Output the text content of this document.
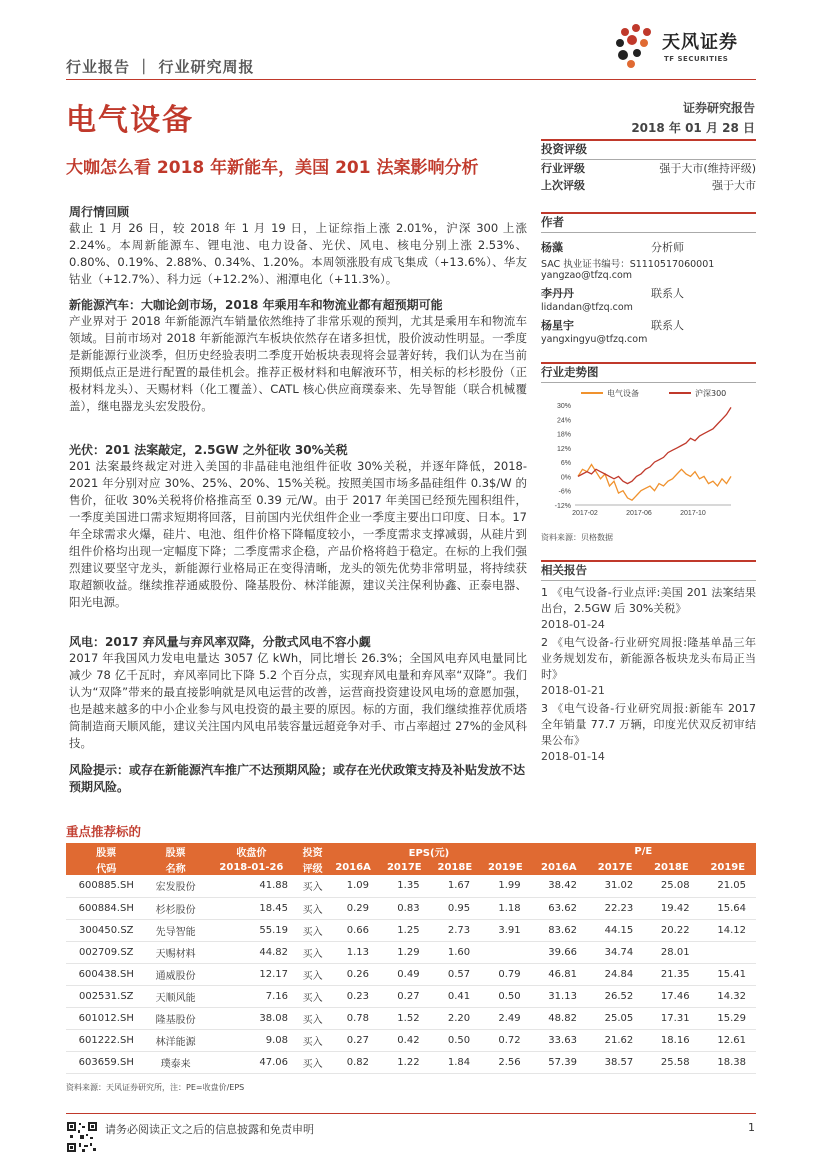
行业报告 ｜ 行业研究周报
天风证券
TF SECURITIES
电气设备	证券研究报告
2018 年 01 月 28 日
大咖怎么看 2018 年新能车，美国 201 法案影响分析
周行情回顾
截止 1 月 26 日，较 2018 年 1 月 19 日，上证综指上涨 2.01%，沪深 300 上涨 2.24%。本周新能源车、锂电池、电力设备、光伏、风电、核电分别上涨 2.53%、0.80%、0.19%、2.88%、0.34%、1.20%。本周领涨股有成飞集成（+13.6%）、华友钴业（+12.7%）、科力远（+12.2%）、湘潭电化（+11.3%）。
新能源汽车：大咖论剑市场，2018 年乘用车和物流业都有超预期可能
产业界对于 2018 年新能源汽车销量依然维持了非常乐观的预判，尤其是乘用车和物流车领域。目前市场对 2018 年新能源汽车板块依然存在诸多担忧，股价波动性明显。一季度是新能源行业淡季，但历史经验表明二季度开始板块表现将会显著好转，我们认为在当前预期低点正是进行配置的最佳机会。推荐正极材料和电解液环节，相关标的杉杉股份（正极材料龙头）、天赐材料（化工覆盖）、CATL 核心供应商璞泰来、先导智能（联合机械覆盖），继电器龙头宏发股份。
光伏：201 法案敲定，2.5GW 之外征收 30%关税
201 法案最终裁定对进入美国的非晶硅电池组件征收 30%关税，并逐年降低，2018-2021 年分别对应 30%、25%、20%、15%关税。按照美国市场多晶硅组件 0.3$/W 的售价，征收 30%关税将价格推高至 0.39 元/W。由于 2017 年美国已经预先囤积组件，一季度美国进口需求短期将回落，目前国内光伏组件企业一季度主要出口印度、日本。17 年全球需求火爆，硅片、电池、组件价格下降幅度较小，一季度需求支撑减弱，从硅片到组件价格均出现一定幅度下降；二季度需求企稳，产品价格将趋于稳定。在标的上我们强烈建议要坚守龙头，新能源行业格局正在变得清晰，龙头的领先优势非常明显，将持续获取超额收益。继续推荐通威股份、隆基股份、林洋能源，建议关注保利协鑫、正泰电器、阳光电源。
风电：2017 弃风量与弃风率双降，分散式风电不容小觑
2017 年我国风力发电电量达 3057 亿 kWh，同比增长 26.3%；全国风电弃风电量同比减少 78 亿千瓦时，弃风率同比下降 5.2 个百分点，实现弃风电量和弃风率“双降”。我们认为“双降”带来的最直接影响就是风电运营的改善，运营商投资建设风电场的意愿加强，也是越来越多的中小企业参与风电投资的最主要的原因。标的方面，我们继续推荐优质塔筒制造商天顺风能，建议关注国内风电吊装容量远超竞争对手、市占率超过 27%的金风科技。
风险提示：或存在新能源汽车推广不达预期风险；或存在光伏政策支持及补贴发放不达预期风险。
投资评级
行业评级	强于大市(维持评级)
上次评级	强于大市
作者
杨藻	分析师
SAC 执业证书编号：S1110517060001
yangzao@tfzq.com
李丹丹	联系人
lidandan@tfzq.com
杨星宇	联系人
yangxingyu@tfzq.com
行业走势图
30%
24%
18%
12%
6%
0%
-6%
-12%
2017-02	2017-06	2017-10
电气设备	沪深300
资料来源：贝格数据
相关报告
1 《电气设备-行业点评:美国 201 法案结果出台，2.5GW 后 30%关税》
2018-01-24
2 《电气设备-行业研究周报:隆基单晶三年业务规划发布，新能源各板块龙头布局正当时》
2018-01-21
3 《电气设备-行业研究周报:新能车 2017 全年销量 77.7 万辆，印度光伏双反初审结果公布》
2018-01-14
重点推荐标的
股票	股票	收盘价	投资	EPS(元)				P/E			
代码	名称	2018-01-26	评级	2016A	2017E	2018E	2019E	2016A	2017E	2018E	2019E
600885.SH	宏发股份	41.88	买入	1.09	1.35	1.67	1.99	38.42	31.02	25.08	21.05
600884.SH	杉杉股份	18.45	买入	0.29	0.83	0.95	1.18	63.62	22.23	19.42	15.64
300450.SZ	先导智能	55.19	买入	0.66	1.25	2.73	3.91	83.62	44.15	20.22	14.12
002709.SZ	天赐材料	44.82	买入	1.13	1.29	1.60		39.66	34.74	28.01	
600438.SH	通威股份	12.17	买入	0.26	0.49	0.57	0.79	46.81	24.84	21.35	15.41
002531.SZ	天顺风能	7.16	买入	0.23	0.27	0.41	0.50	31.13	26.52	17.46	14.32
601012.SH	隆基股份	38.08	买入	0.78	1.52	2.20	2.49	48.82	25.05	17.31	15.29
601222.SH	林洋能源	9.08	买入	0.27	0.42	0.50	0.72	33.63	21.62	18.16	12.61
603659.SH	璞泰来	47.06	买入	0.82	1.22	1.84	2.56	57.39	38.57	25.58	18.38
资料来源：天风证券研究所，注：PE=收盘价/EPS
请务必阅读正文之后的信息披露和免责申明	1
